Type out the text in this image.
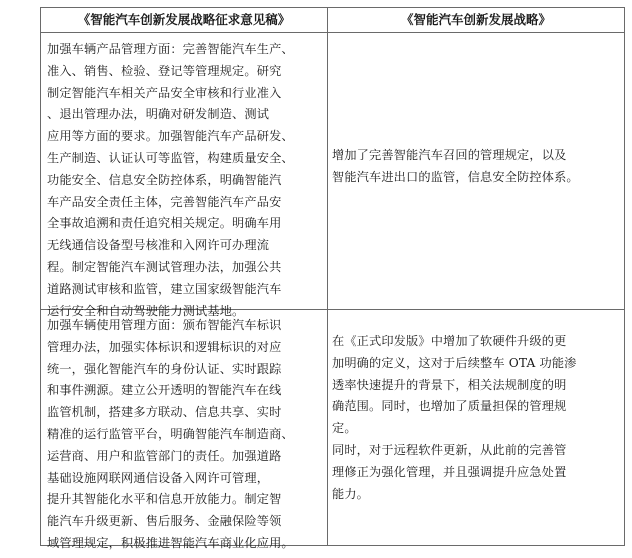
《智能汽车创新发展战略征求意见稿》	《智能汽车创新发展战略》
加强车辆产品管理方面：完善智能汽车生产、
准入、销售、检验、登记等管理规定。研究
制定智能汽车相关产品安全审核和行业准入
、退出管理办法，明确对研发制造、测试
应用等方面的要求。加强智能汽车产品研发、
生产制造、认证认可等监管，构建质量安全、
功能安全、信息安全防控体系，明确智能汽
车产品安全责任主体，完善智能汽车产品安
全事故追溯和责任追究相关规定。明确车用
无线通信设备型号核准和入网许可办理流
程。制定智能汽车测试管理办法，加强公共
道路测试审核和监管，建立国家级智能汽车
运行安全和自动驾驶能力测试基地。
增加了完善智能汽车召回的管理规定，以及
智能汽车进出口的监管，信息安全防控体系。
加强车辆使用管理方面：颁布智能汽车标识
管理办法，加强实体标识和逻辑标识的对应
统一，强化智能汽车的身份认证、实时跟踪
和事件溯源。建立公开透明的智能汽车在线
监管机制，搭建多方联动、信息共享、实时
精准的运行监管平台，明确智能汽车制造商、
运营商、用户和监管部门的责任。加强道路
基础设施网联网通信设备入网许可管理，
提升其智能化水平和信息开放能力。制定智
能汽车升级更新、售后服务、金融保险等领
域管理规定，积极推进智能汽车商业化应用。
在《正式印发版》中增加了软硬件升级的更
加明确的定义，这对于后续整车 OTA 功能渗
透率快速提升的背景下，相关法规制度的明
确范围。同时，也增加了质量担保的管理规
定。
同时，对于远程软件更新，从此前的完善管
理修正为强化管理，并且强调提升应急处置
能力。
